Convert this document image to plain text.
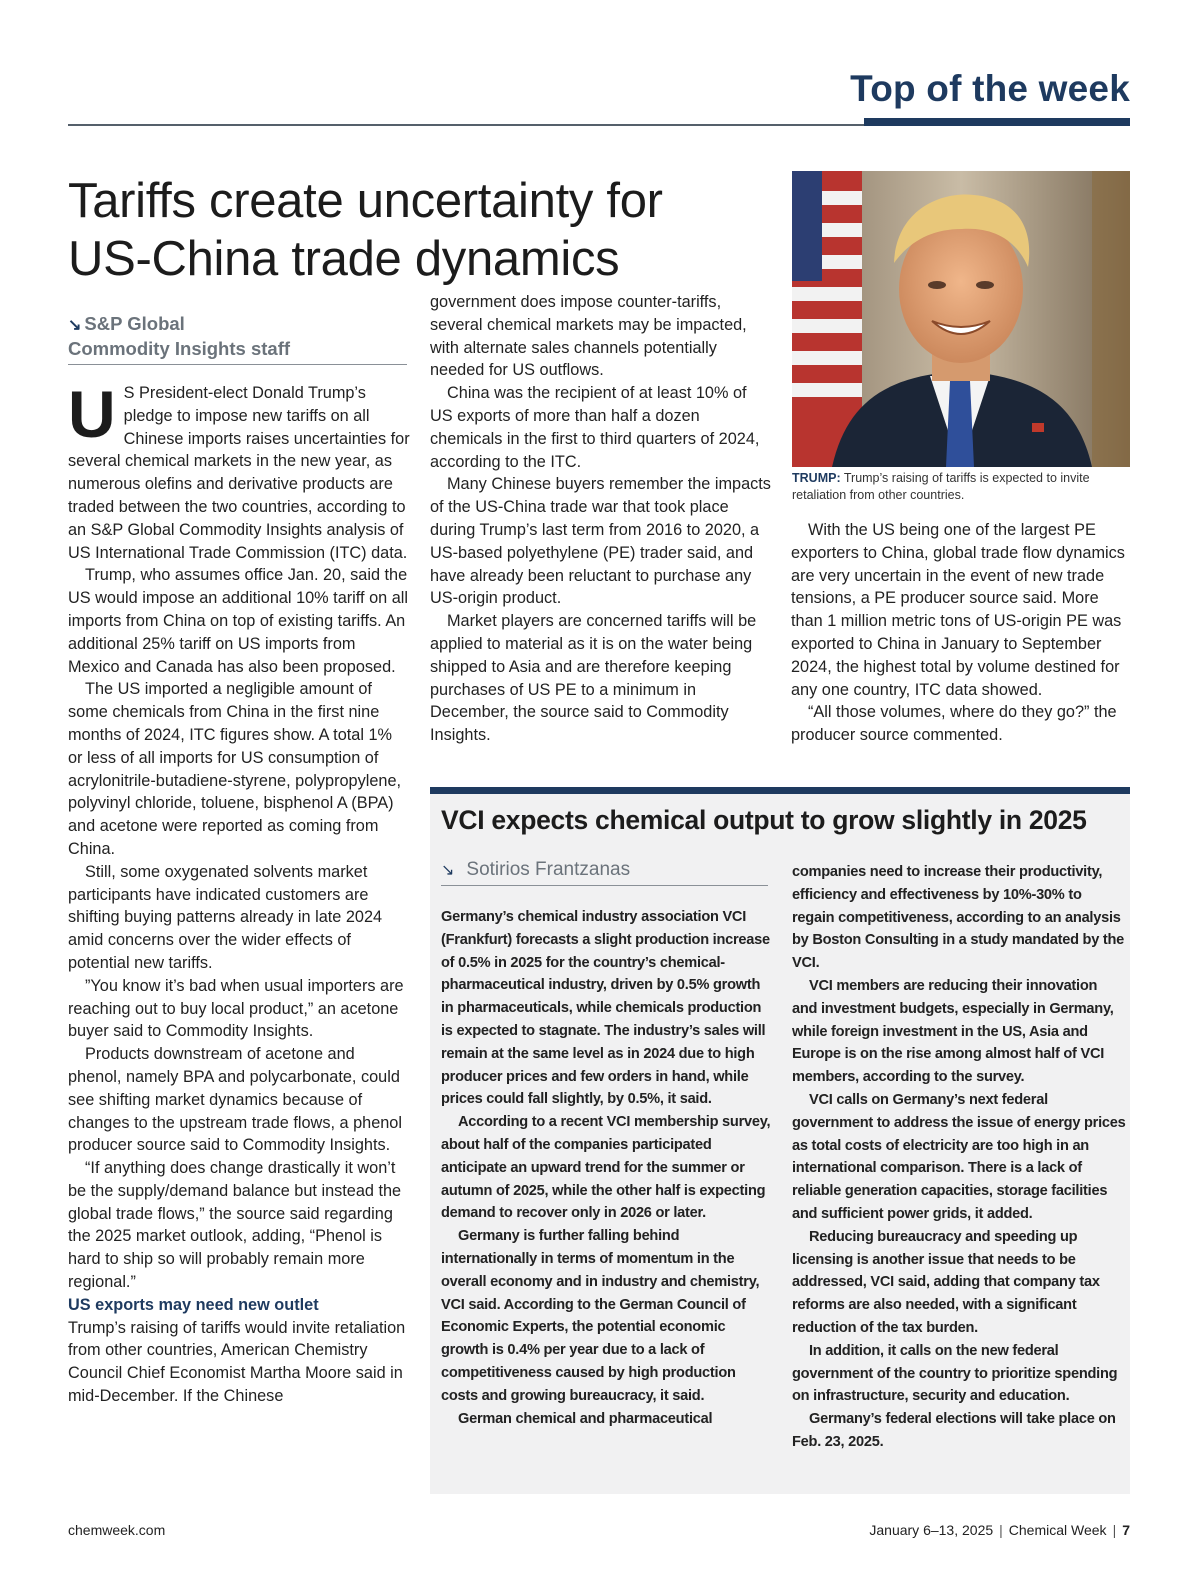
Top of the week
Tariffs create uncertainty for
US-China trade dynamics
↘ S&P Global
Commodity Insights staff

U S President-elect Donald Trump’s pledge to impose new tariffs on all Chinese imports raises uncertainties for several chemical markets in the new year, as numerous olefins and derivative products are traded between the two countries, according to an S&P Global Commodity Insights analysis of US International Trade Commission (ITC) data.

Trump, who assumes office Jan. 20, said the US would impose an additional 10% tariff on all imports from China on top of existing tariffs. An additional 25% tariff on US imports from Mexico and Canada has also been proposed.

The US imported a negligible amount of some chemicals from China in the first nine months of 2024, ITC figures show. A total 1% or less of all imports for US consumption of acrylonitrile-butadiene-styrene, polypropylene, polyvinyl chloride, toluene, bisphenol A (BPA) and acetone were reported as coming from China.

Still, some oxygenated solvents market participants have indicated customers are shifting buying patterns already in late 2024 amid concerns over the wider effects of potential new tariffs.

”You know it’s bad when usual importers are reaching out to buy local product,” an acetone buyer said to Commodity Insights.

Products downstream of acetone and phenol, namely BPA and polycarbonate, could see shifting market dynamics because of changes to the upstream trade flows, a phenol producer source said to Commodity Insights.

“If anything does change drastically it won’t be the supply/demand balance but instead the global trade flows,” the source said regarding the 2025 market outlook, adding, “Phenol is hard to ship so will probably remain more regional.”

US exports may need new outlet

Trump’s raising of tariffs would invite retaliation from other countries, American Chemistry Council Chief Economist Martha Moore said in mid-December. If the Chinese

government does impose counter-tariffs, several chemical markets may be impacted, with alternate sales channels potentially needed for US outflows.

China was the recipient of at least 10% of US exports of more than half a dozen chemicals in the first to third quarters of 2024, according to the ITC.

Many Chinese buyers remember the impacts of the US-China trade war that took place during Trump’s last term from 2016 to 2020, a US-based polyethylene (PE) trader said, and have already been reluctant to purchase any US-origin product.

Market players are concerned tariffs will be applied to material as it is on the water being shipped to Asia and are therefore keeping purchases of US PE to a minimum in December, the source said to Commodity Insights.

TRUMP: Trump’s raising of tariffs is expected to invite retaliation from other countries.

With the US being one of the largest PE exporters to China, global trade flow dynamics are very uncertain in the event of new trade tensions, a PE producer source said. More than 1 million metric tons of US-origin PE was exported to China in January to September 2024, the highest total by volume destined for any one country, ITC data showed.

“All those volumes, where do they go?” the producer source commented.

VCI expects chemical output to grow slightly in 2025
↘ Sotirios Frantzanas

Germany’s chemical industry association VCI (Frankfurt) forecasts a slight production increase of 0.5% in 2025 for the country’s chemical-pharmaceutical industry, driven by 0.5% growth in pharmaceuticals, while chemicals production is expected to stagnate. The industry’s sales will remain at the same level as in 2024 due to high producer prices and few orders in hand, while prices could fall slightly, by 0.5%, it said.

According to a recent VCI membership survey, about half of the companies participated anticipate an upward trend for the summer or autumn of 2025, while the other half is expecting demand to recover only in 2026 or later.

Germany is further falling behind internationally in terms of momentum in the overall economy and in industry and chemistry, VCI said. According to the German Council of Economic Experts, the potential economic growth is 0.4% per year due to a lack of competitiveness caused by high production costs and growing bureaucracy, it said.

German chemical and pharmaceutical

companies need to increase their productivity, efficiency and effectiveness by 10%-30% to regain competitiveness, according to an analysis by Boston Consulting in a study mandated by the VCI.

VCI members are reducing their innovation and investment budgets, especially in Germany, while foreign investment in the US, Asia and Europe is on the rise among almost half of VCI members, according to the survey.

VCI calls on Germany’s next federal government to address the issue of energy prices as total costs of electricity are too high in an international comparison. There is a lack of reliable generation capacities, storage facilities and sufficient power grids, it added.

Reducing bureaucracy and speeding up licensing is another issue that needs to be addressed, VCI said, adding that company tax reforms are also needed, with a significant reduction of the tax burden.

In addition, it calls on the new federal government of the country to prioritize spending on infrastructure, security and education.

Germany’s federal elections will take place on Feb. 23, 2025.

chemweek.com	January 6–13, 2025 | Chemical Week | 7
